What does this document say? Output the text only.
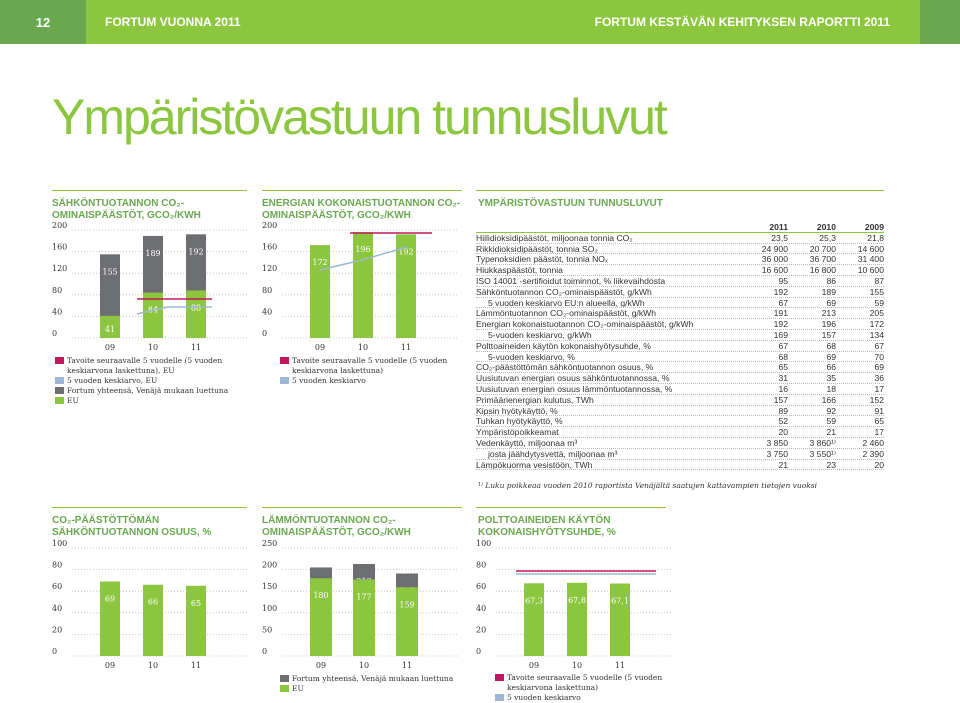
12	FORTUM VUONNA 2011	FORTUM KESTÄVÄN KEHITYKSEN RAPORTTI 2011
Ympäristövastuun tunnusluvut
SÄHKÖNTUOTANNON CO₂-OMINAISPÄÄSTÖT, GCO₂/KWH
ENERGIAN KOKONAISTUOTANNON CO₂-OMINAISPÄÄSTÖT, GCO₂/KWH
YMPÄRISTÖVASTUUN TUNNUSLUVUT
CO₂-PÄÄSTÖTTÖMÄN SÄHKÖNTUOTANNON OSUUS, %
LÄMMÖNTUOTANNON CO₂-OMINAISPÄÄSTÖT, GCO₂/KWH
POLTTOAINEIDEN KÄYTÖN KOKONAISHYÖTYSUHDE, %
0
40
80
120
160
200
155
189	192
41
84	88
09	10	11
0
40
80
120
160
200
172
196	192
09	10	11
0
20
40
60
80
100
69	66	65
09	10	11
0
50
100
150
200
250
180	177
159
09	10	11
0
20
40
60
80
100
67,3	67,8	67,1
09	10	11
Tavoite seuraavalle 5 vuodelle (5 vuoden keskiarvona laskettuna), EU
5 vuoden keskiarvo, EU
Fortum yhteensä, Venäjä mukaan luettuna
EU
Tavoite seuraavalle 5 vuodelle (5 vuoden keskiarvona laskettuna)
5 vuoden keskiarvo
Fortum yhteensä, Venäjä mukaan luettuna
EU
Tavoite seuraavalle 5 vuodelle (5 vuoden keskiarvona laskettuna)
5 vuoden keskiarvo
2011	2010	2009
Hiilidioksidipäästöt, miljoonaa tonnia CO₂	23,5	25,3	21,8
Rikkidioksidipäästöt, tonnia SO₂	24 900	20 700	14 600
Typenoksidien päästöt, tonnia NOₓ	36 000	36 700	31 400
Hiukkaspäästöt, tonnia	16 600	16 800	10 600
ISO 14001 -sertifioidut toiminnot, % liikevaihdosta	95	86	87
Sähköntuotannon CO₂-ominaispäästöt, g/kWh	192	189	155
5 vuoden keskiarvo EU:n alueella, g/kWh	67	69	59
Lämmöntuotannon CO₂-ominaispäästöt, g/kWh	191	213	205
Energian kokonaistuotannon CO₂-ominaispäästöt, g/kWh	192	196	172
5-vuoden keskiarvo, g/kWh	169	157	134
Polttoaineiden käytön kokonaishyötysuhde, %	67	68	67
5-vuoden keskiarvo, %	68	69	70
CO₂-päästöttömän sähköntuotannon osuus, %	65	66	69
Uusiutuvan energian osuus sähköntuotannossa, %	31	35	36
Uusiutuvan energian osuus lämmöntuotannossa, %	16	18	17
Primäärienergian kulutus, TWh	157	166	152
Kipsin hyötykäyttö, %	89	92	91
Tuhkan hyötykäyttö, %	52	59	65
Ympäristöpoikkeamat	20	21	17
Vedenkäyttö, miljoonaa m³	3 850	3 860¹⁾	2 460
josta jäähdytysvettä, miljoonaa m³	3 750	3 550¹⁾	2 390
Lämpökuorma vesistöön, TWh	21	23	20
¹⁾ Luku poikkeaa vuoden 2010 raportista Venäjältä saatujen kattavampien tietojen vuoksi
